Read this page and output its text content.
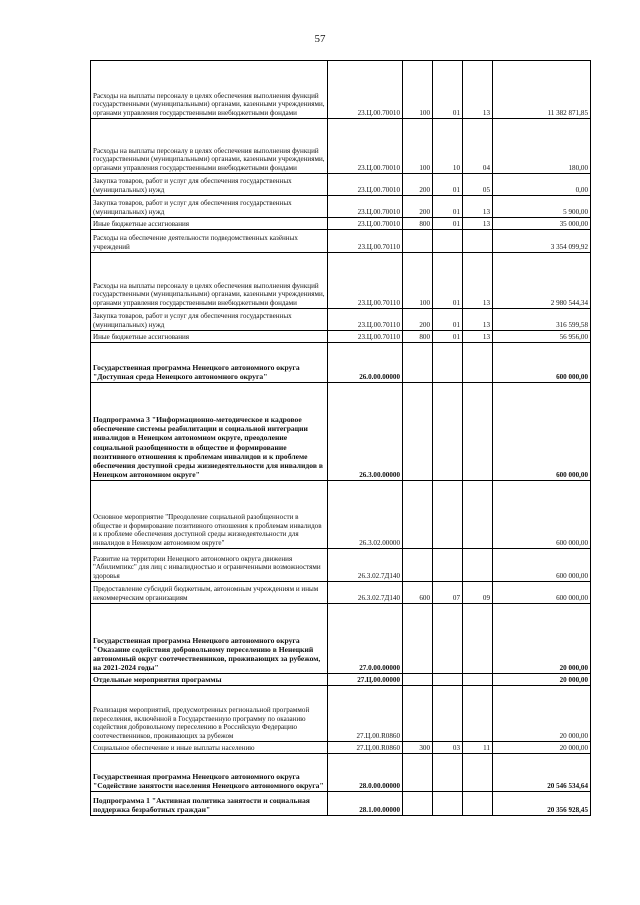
57
Расходы на выплаты персоналу в целях обеспечения выполнения функций государственными (муниципальными) органами, казенными учреждениями, органами управления государственными внебюджетными фондами	23.Ц.00.70010	100	01	13	11 382 871,85
Расходы на выплаты персоналу в целях обеспечения выполнения функций государственными (муниципальными) органами, казенными учреждениями, органами управления государственными внебюджетными фондами	23.Ц.00.70010	100	10	04	180,00
Закупка товаров, работ и услуг для обеспечения государственных (муниципальных) нужд	23.Ц.00.70010	200	01	05	0,00
Закупка товаров, работ и услуг для обеспечения государственных (муниципальных) нужд	23.Ц.00.70010	200	01	13	5 900,00
Иные бюджетные ассигнования	23.Ц.00.70010	800	01	13	35 000,00
Расходы на обеспечение деятельности подведомственных казённых учреждений	23.Ц.00.70110				3 354 099,92
Расходы на выплаты персоналу в целях обеспечения выполнения функций государственными (муниципальными) органами, казенными учреждениями, органами управления государственными внебюджетными фондами	23.Ц.00.70110	100	01	13	2 980 544,34
Закупка товаров, работ и услуг для обеспечения государственных (муниципальных) нужд	23.Ц.00.70110	200	01	13	316 599,58
Иные бюджетные ассигнования	23.Ц.00.70110	800	01	13	56 956,00
Государственная программа Ненецкого автономного округа "Доступная среда Ненецкого автономного округа"	26.0.00.00000				600 000,00
Подпрограмма 3 "Информационно-методическое и кадровое обеспечение системы реабилитации и социальной интеграции инвалидов в Ненецком автономном округе, преодоление социальной разобщенности в обществе и формирование позитивного отношения к проблемам инвалидов и к проблеме обеспечения доступной среды жизнедеятельности для инвалидов в Ненецком автономном округе"	26.3.00.00000				600 000,00
Основное мероприятие "Преодоление социальной разобщенности в обществе и формирование позитивного отношения к проблемам инвалидов и к проблеме обеспечения доступной среды жизнедеятельности для инвалидов в Ненецком автономном округе"	26.3.02.00000				600 000,00
Развитие на территории Ненецкого автономного округа движения "Абилимпикс" для лиц с инвалидностью и ограниченными возможностями здоровья	26.3.02.7Д140				600 000,00
Предоставление субсидий бюджетным, автономным учреждениям и иным некоммерческим организациям	26.3.02.7Д140	600	07	09	600 000,00
Государственная программа Ненецкого автономного округа "Оказание содействия добровольному переселению в Ненецкий автономный округ соотечественников, проживающих за рубежом, на 2021-2024 годы"	27.0.00.00000				20 000,00
Отдельные мероприятия программы	27.Ц.00.00000				20 000,00
Реализация мероприятий, предусмотренных региональной программой переселения, включённой в Государственную программу по оказанию содействия добровольному переселению в Российскую Федерацию соотечественников, проживающих за рубежом	27.Ц.00.R0860				20 000,00
Социальное обеспечение и иные выплаты населению	27.Ц.00.R0860	300	03	11	20 000,00
Государственная программа Ненецкого автономного округа "Содействие занятости населения Ненецкого автономного округа"	28.0.00.00000				20 546 534,64
Подпрограмма 1 "Активная политика занятости и социальная поддержка безработных граждан"	28.1.00.00000				20 356 928,45
